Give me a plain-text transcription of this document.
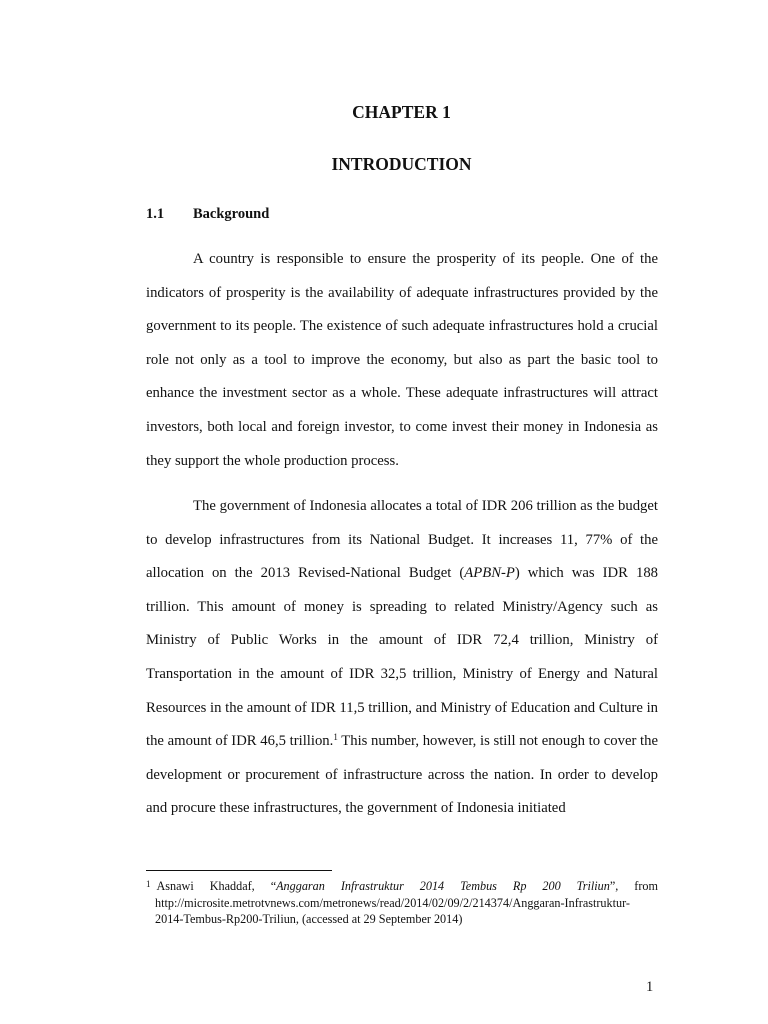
CHAPTER 1
INTRODUCTION
1.1 Background

A country is responsible to ensure the prosperity of its people. One of the indicators of prosperity is the availability of adequate infrastructures provided by the government to its people. The existence of such adequate infrastructures hold a crucial role not only as a tool to improve the economy, but also as part the basic tool to enhance the investment sector as a whole. These adequate infrastructures will attract investors, both local and foreign investor, to come invest their money in Indonesia as they support the whole production process.

The government of Indonesia allocates a total of IDR 206 trillion as the budget to develop infrastructures from its National Budget. It increases 11, 77% of the allocation on the 2013 Revised-National Budget (APBN-P) which was IDR 188 trillion. This amount of money is spreading to related Ministry/Agency such as Ministry of Public Works in the amount of IDR 72,4 trillion, Ministry of Transportation in the amount of IDR 32,5 trillion, Ministry of Energy and Natural Resources in the amount of IDR 11,5 trillion, and Ministry of Education and Culture in the amount of IDR 46,5 trillion.$^1$ This number, however, is still not enough to cover the development or procurement of infrastructure across the nation. In order to develop and procure these infrastructures, the government of Indonesia initiated

$^1$ Asnawi Khaddaf, “Anggaran Infrastruktur 2014 Tembus Rp 200 Triliun”, from
http://microsite.metrotvnews.com/metronews/read/2014/02/09/2/214374/Anggaran-Infrastruktur-2014-Tembus-Rp200-Triliun, (accessed at 29 September 2014)
1
